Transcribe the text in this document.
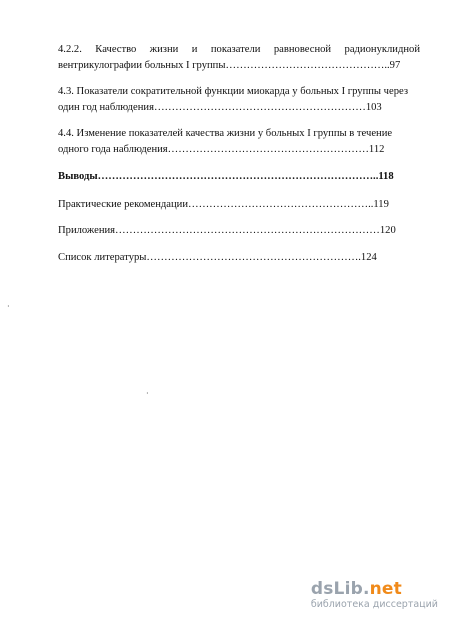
4.2.2. Качество жизни и показатели равновесной радионуклидной
вентрикулографии больных I группы………………………………………..97
4.3. Показатели сократительной функции миокарда у больных I группы через
один год наблюдения……………………………………………………103
4.4. Изменение показателей качества жизни у больных I группы в течение
одного года наблюдения…………………………………………………112
Выводы……………………………………………………………………..118
Практические рекомендации……………………………………………..119
Приложения…………………………………………………………………120
Список литературы…………………………………………………….124
·
·
dsLib.net
библиотека диссертаций
